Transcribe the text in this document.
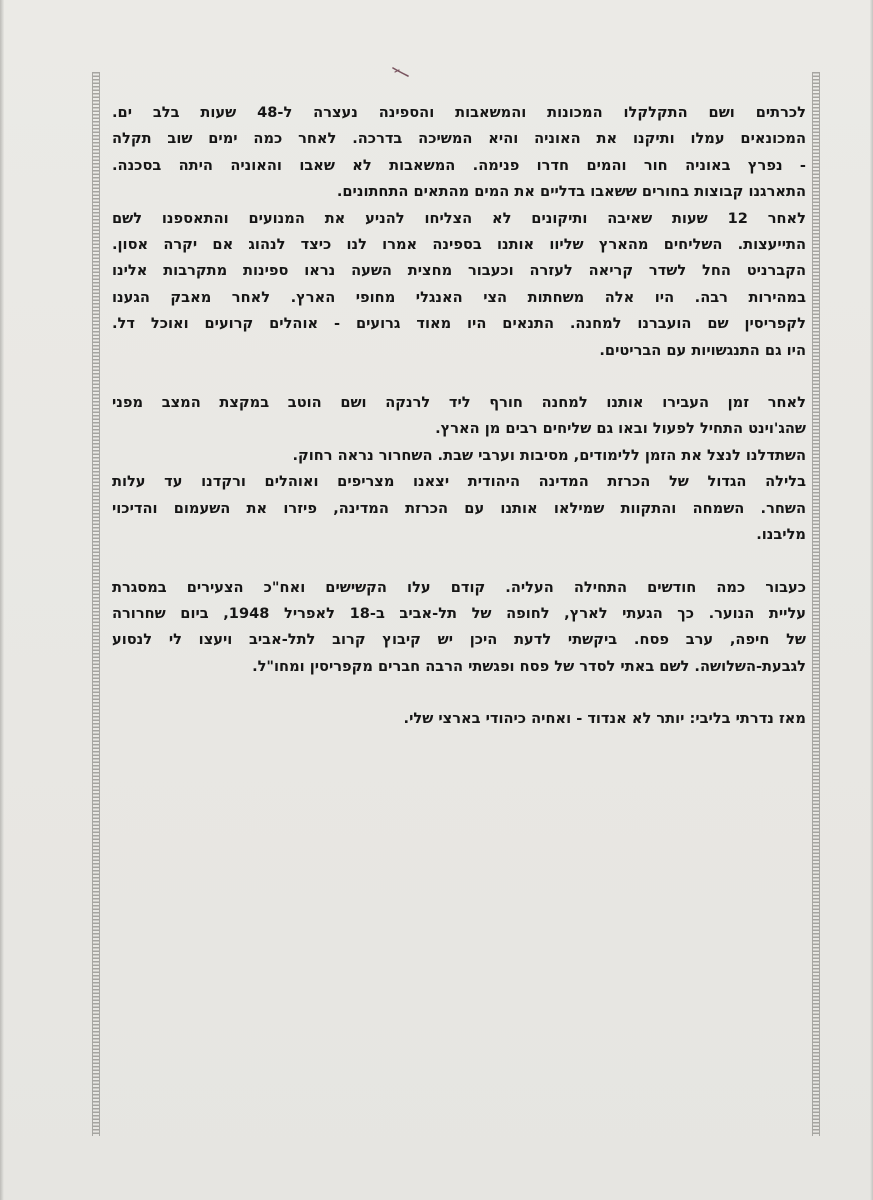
לכרתים ושם התקלקלו המכונות והמשאבות והספינה נעצרה ל-48 שעות בלב ים.
המכונאים עמלו ותיקנו את האוניה והיא המשיכה בדרכה. לאחר כמה ימים שוב תקלה
- נפרץ באוניה חור והמים חדרו פנימה. המשאבות לא שאבו והאוניה היתה בסכנה.
התארגנו קבוצות בחורים ששאבו בדליים את המים מהתאים התחתונים.
לאחר 12 שעות שאיבה ותיקונים לא הצליחו להניע את המנועים והתאספנו לשם
התייעצות. השליחים מהארץ שליוו אותנו בספינה אמרו לנו כיצד לנהוג אם יקרה אסון.
הקברניט החל לשדר קריאה לעזרה וכעבור מחצית השעה נראו ספינות מתקרבות אלינו
במהירות רבה. היו אלה משחתות הצי האנגלי מחופי הארץ. לאחר מאבק הגענו
לקפריסין שם הועברנו למחנה. התנאים היו מאוד גרועים - אוהלים קרועים ואוכל דל.
היו גם התנגשויות עם הבריטים.

לאחר זמן העבירו אותנו למחנה חורף ליד לרנקה ושם הוטב במקצת המצב מפני
שהג'וינט התחיל לפעול ובאו גם שליחים רבים מן הארץ.
השתדלנו לנצל את הזמן ללימודים, מסיבות וערבי שבת. השחרור נראה רחוק.
בלילה הגדול של הכרזת המדינה היהודית יצאנו מצריפים ואוהלים ורקדנו עד עלות
השחר. השמחה והתקוות שמילאו אותנו עם הכרזת המדינה, פיזרו את השעמום והדיכוי
מליבנו.

כעבור כמה חודשים התחילה העליה. קודם עלו הקשישים ואח"כ הצעירים במסגרת
עליית הנוער. כך הגעתי לארץ, לחופה של תל-אביב ב-18 לאפריל 1948, ביום שחרורה
של חיפה, ערב פסח. ביקשתי לדעת היכן יש קיבוץ קרוב לתל-אביב ויעצו לי לנסוע
לגבעת-השלושה. לשם באתי לסדר של פסח ופגשתי הרבה חברים מקפריסין ומחו"ל.

מאז נדרתי בליבי: יותר לא אנדוד - ואחיה כיהודי בארצי שלי.
